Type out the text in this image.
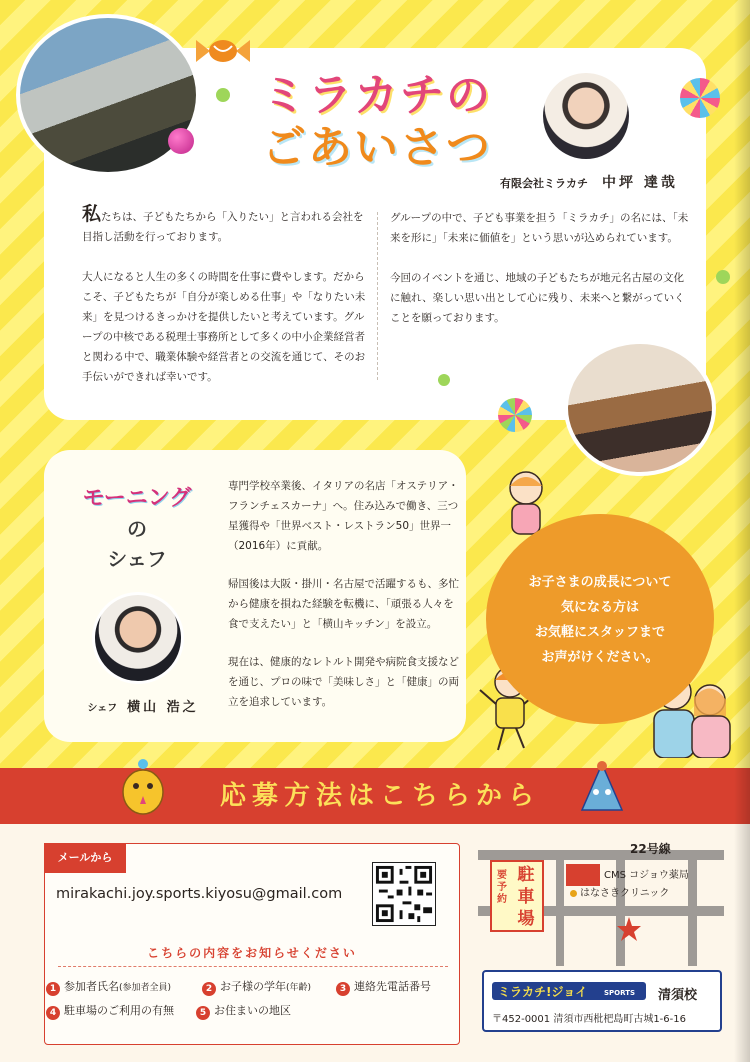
ミラカチの
ごあいさつ
有限会社ミラカチ 中坪 達哉

私たちは、子どもたちから「入りたい」と言われる会社を目指し活動を行っております。

大人になると人生の多くの時間を仕事に費やします。だからこそ、子どもたちが「自分が楽しめる仕事」や「なりたい未来」を見つけるきっかけを提供したいと考えています。グループの中核である税理士事務所として多くの中小企業経営者と関わる中で、職業体験や経営者との交流を通じて、そのお手伝いができれば幸いです。

グループの中で、子ども事業を担う「ミラカチ」の名には、「未来を形に」「未来に価値を」という思いが込められています。

今回のイベントを通じ、地域の子どもたちが地元名古屋の文化に触れ、楽しい思い出として心に残り、未来へと繋がっていくことを願っております。

モーニング
の
シェフ
シェフ 横山 浩之

専門学校卒業後、イタリアの名店「オステリア・フランチェスカーナ」へ。住み込みで働き、三つ星獲得や「世界ベスト・レストラン50」世界一（2016年）に貢献。

帰国後は大阪・掛川・名古屋で活躍するも、多忙から健康を損ねた経験を転機に、「頑張る人々を食で支えたい」と「横山キッチン」を設立。

現在は、健康的なレトルト開発や病院食支援などを通じ、プロの味で「美味しさ」と「健康」の両立を追求しています。

お子さまの成長について
気になる方は
お気軽にスタッフまで
お声がけください。
応募方法はこちらから
メールから
mirakachi.joy.sports.kiyosu@gmail.com
こちらの内容をお知らせください
1 参加者氏名(参加者全員)	2 お子様の学年(年齢)	3 連絡先電話番号
4 駐車場のご利用の有無	5 お住まいの地区
22号線
CMS コジョウ薬局
はなさきクリニック
要予約
駐車場
ミラカチ!ジョイ SPORTS 清須校
〒452-0001 清須市西枇杷島町古城1-6-16
